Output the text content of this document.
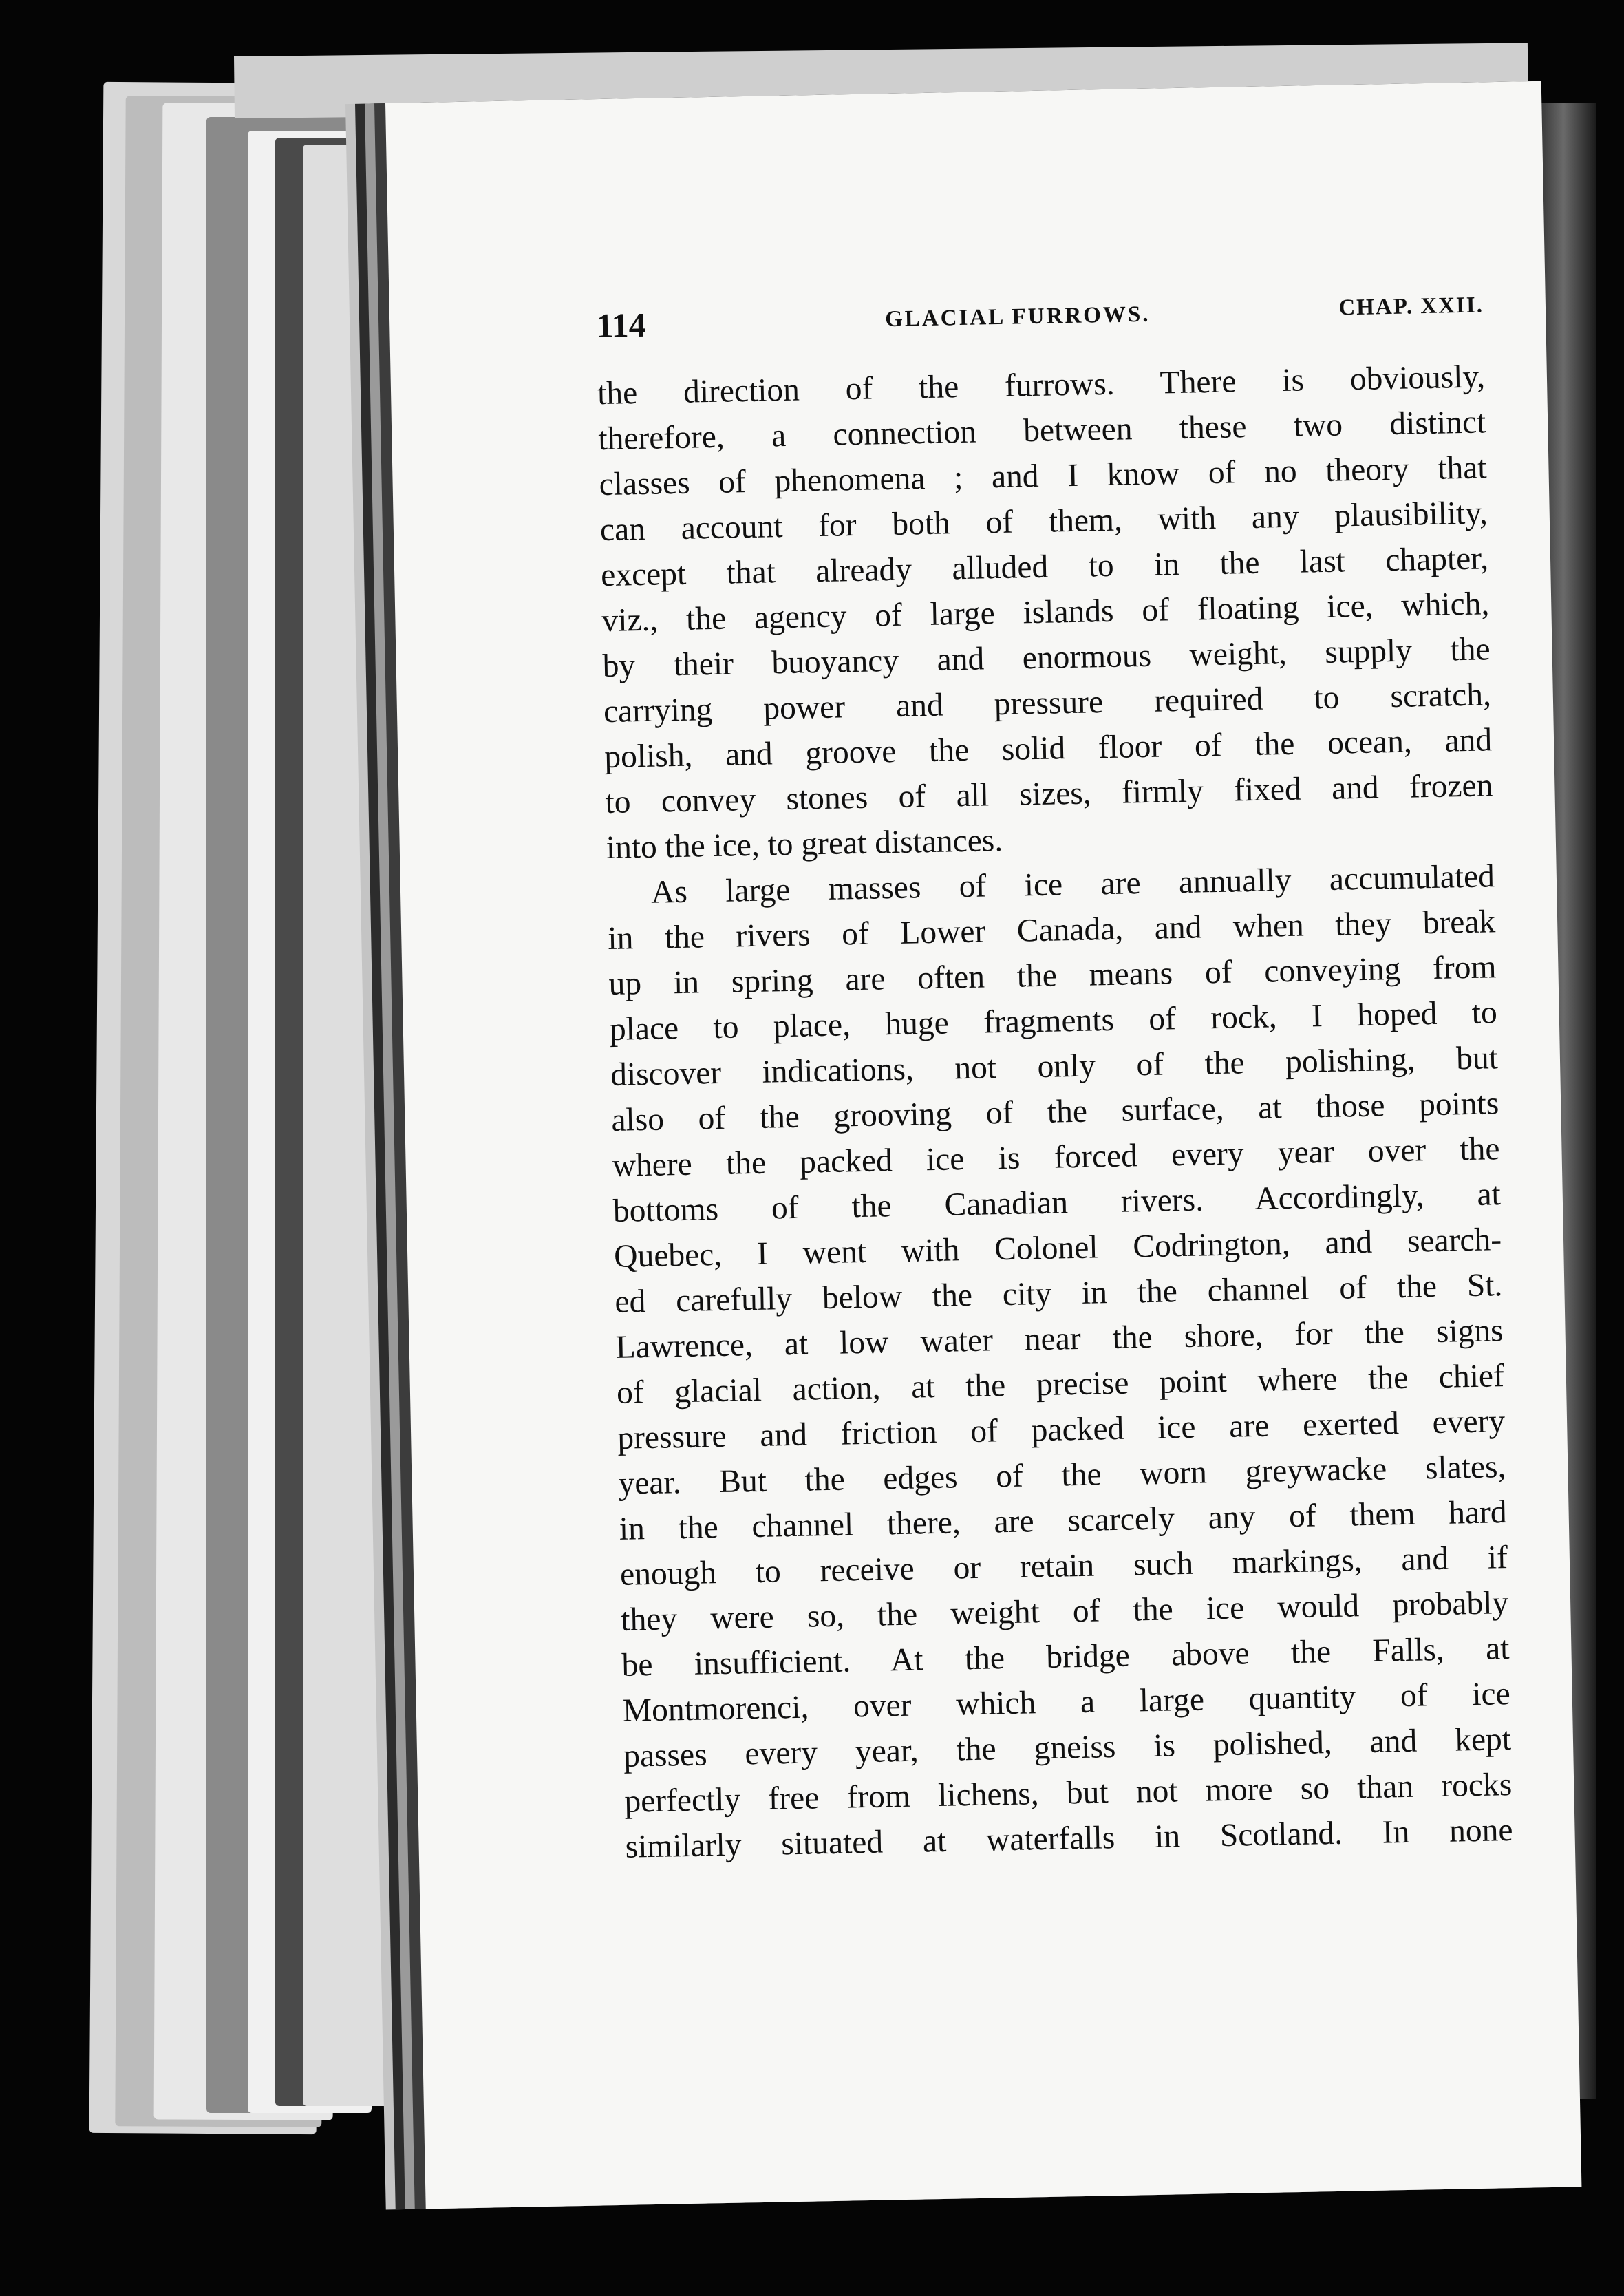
114	GLACIAL FURROWS.	CHAP. XXII.
the direction of the furrows. There is obviously,
therefore, a connection between these two distinct
classes of phenomena ; and I know of no theory that
can account for both of them, with any plausibility,
except that already alluded to in the last chapter,
viz., the agency of large islands of floating ice, which,
by their buoyancy and enormous weight, supply the
carrying power and pressure required to scratch,
polish, and groove the solid floor of the ocean, and
to convey stones of all sizes, firmly fixed and frozen
into the ice, to great distances.
As large masses of ice are annually accumulated
in the rivers of Lower Canada, and when they break
up in spring are often the means of conveying from
place to place, huge fragments of rock, I hoped to
discover indications, not only of the polishing, but
also of the grooving of the surface, at those points
where the packed ice is forced every year over the
bottoms of the Canadian rivers. Accordingly, at
Quebec, I went with Colonel Codrington, and search-
ed carefully below the city in the channel of the St.
Lawrence, at low water near the shore, for the signs
of glacial action, at the precise point where the chief
pressure and friction of packed ice are exerted every
year. But the edges of the worn greywacke slates,
in the channel there, are scarcely any of them hard
enough to receive or retain such markings, and if
they were so, the weight of the ice would probably
be insufficient. At the bridge above the Falls, at
Montmorenci, over which a large quantity of ice
passes every year, the gneiss is polished, and kept
perfectly free from lichens, but not more so than rocks
similarly situated at waterfalls in Scotland. In none
